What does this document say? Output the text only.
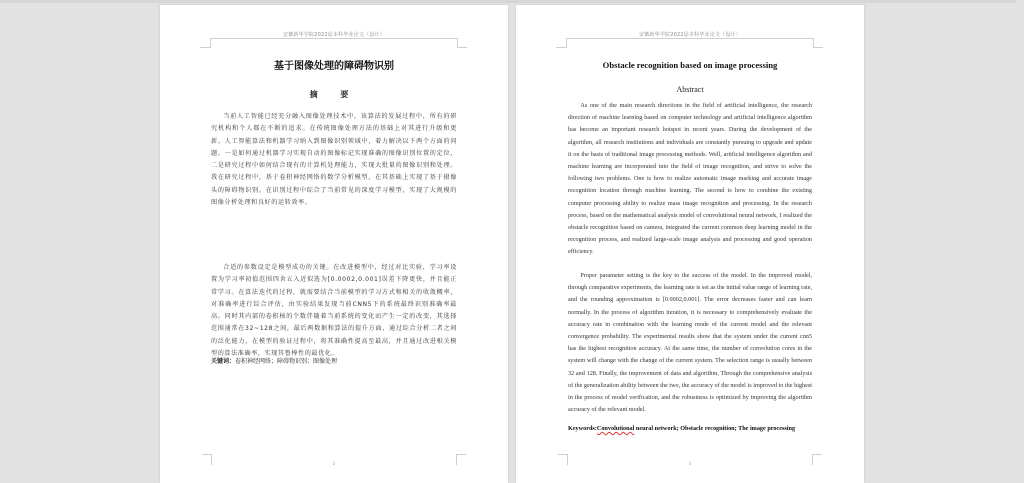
安徽新华学院2022届本科毕业论文（设计）
基于图像处理的障碍物识别
摘 要

当前人工智能已经充分融入图像处理技术中，该算法的发展过程中，所有的研究机构和个人都在不断的追求。在传统图像处理方法的基础上对其进行升级和更新。人工智能算法和机器学习纳入到图像识别领域中，着力解决以下两个方面的问题。一是如何通过机器学习实现自动的图像标记实现准确的图像识别位置的定位，二是研究过程中如何结合现有的计算机处理能力，实现大批量的图像识别和处理。我在研究过程中，基于卷积神经网络的数学分析模型，在其基础上实现了基于摄像头的障碍物识别。在识别过程中综合了当前常见的深度学习模型，实现了大规模的图像分析处理和良好的运转效率。

合适的参数设定是模型成功的关键。在改进模型中，经过对比实验，学习率设置为学习率初值范围四舍五入近似选为[0.0002,0.001]误差下降更快，并且能正常学习。在算法迭代的过程，就需要结合当前模型的学习方式和相关的收敛概率，对准确率进行综合评估，由实验结果发现当前CNN5下的系统最终识别准确率最高。同时其内部的卷积核的个数伴随着当前系统的变化而产生一定的改变，其选择范围通常在32~128之间，最后两数据和算法的提升方面，通过综合分析二者之间的泛化能力，在模型的验证过程中，将其准确性提高至最高，并且通过改进相关模型的算法准确率，实现其鲁棒性的最优化。

关键词：卷积神经网络；障碍物识别；图像处理
2
安徽新华学院2022届本科毕业论文（设计）
Obstacle recognition based on image processing
Abstract

As one of the main research directions in the field of artificial intelligence, the research direction of machine learning based on computer technology and artificial intelligence algorithm has become an important research hotspot in recent years. During the development of the algorithm, all research institutions and individuals are constantly pursuing to upgrade and update it on the basis of traditional image processing methods. Well, artificial intelligence algorithm and machine learning are incorporated into the field of image recognition, and strive to solve the following two problems. One is how to realize automatic image marking and accurate image recognition location through machine learning. The second is how to combine the existing computer processing ability to realize mass image recognition and processing. In the research process, based on the mathematical analysis model of convolutional neural network, I realized the obstacle recognition based on camera, integrated the current common deep learning model in the recognition process, and realized large-scale image analysis and processing and good operation efficiency.

Proper parameter setting is the key to the success of the model. In the improved model, through comparative experiments, the learning rate is set as the initial value range of learning rate, and the rounding approximation is [0.0002,0.001]. The error decreases faster and can learn normally. In the process of algorithm iteration, it is necessary to comprehensively evaluate the accuracy rate in combination with the learning mode of the current model and the relevant convergence probability. The experimental results show that the system under the current cnn5 has the highest recognition accuracy. At the same time, the number of convolution cores in the system will change with the change of the current system. The selection range is usually between 32 and 128. Finally, the improvement of data and algorithm, Through the comprehensive analysis of the generalization ability between the two, the accuracy of the model is improved to the highest in the process of model verification, and the robustness is optimized by improving the algorithm accuracy of the relevant model.

Keywords:Convolutional neural network; Obstacle recognition; The image processing
3
